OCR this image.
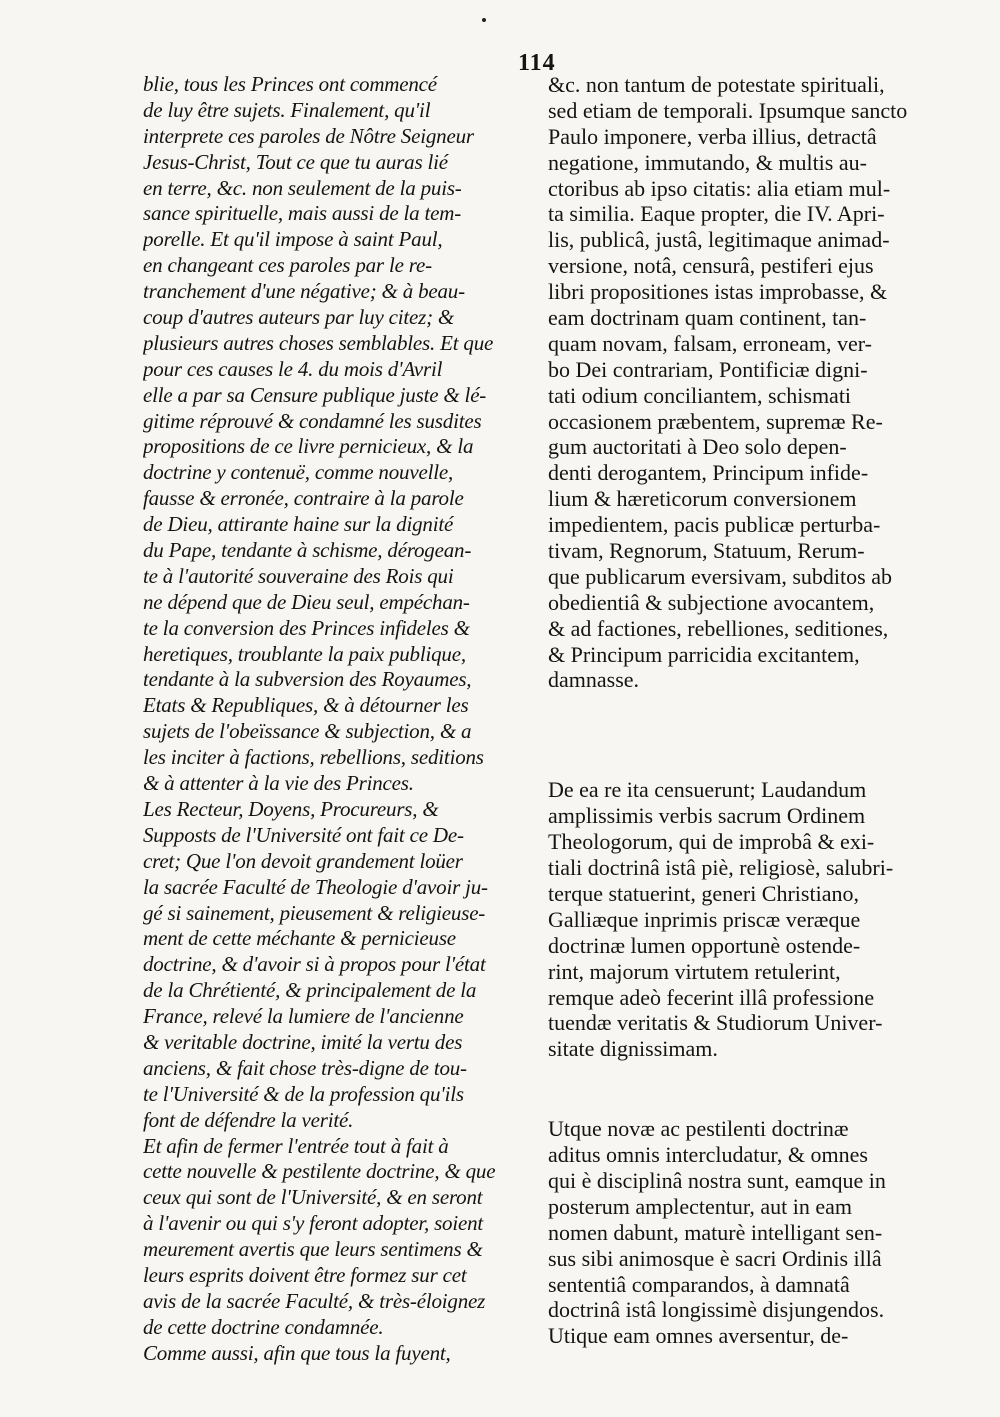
114
blie, tous les Princes ont commencé
de luy être sujets. Finalement, qu'il
interprete ces paroles de Nôtre Seigneur
Jesus-Christ, Tout ce que tu auras lié
en terre, &c. non seulement de la puis-
sance spirituelle, mais aussi de la tem-
porelle. Et qu'il impose à saint Paul,
en changeant ces paroles par le re-
tranchement d'une négative; & à beau-
coup d'autres auteurs par luy citez; &
plusieurs autres choses semblables. Et que
pour ces causes le 4. du mois d'Avril
elle a par sa Censure publique juste & lé-
gitime réprouvé & condamné les susdites
propositions de ce livre pernicieux, & la
doctrine y contenuë, comme nouvelle,
fausse & erronée, contraire à la parole
de Dieu, attirante haine sur la dignité
du Pape, tendante à schisme, dérogean-
te à l'autorité souveraine des Rois qui
ne dépend que de Dieu seul, empéchan-
te la conversion des Princes infideles &
heretiques, troublante la paix publique,
tendante à la subversion des Royaumes,
Etats & Republiques, & à détourner les
sujets de l'obeïssance & subjection, & a
les inciter à factions, rebellions, seditions
& à attenter à la vie des Princes.
Les Recteur, Doyens, Procureurs, &
Supposts de l'Université ont fait ce De-
cret; Que l'on devoit grandement loüer
la sacrée Faculté de Theologie d'avoir ju-
gé si sainement, pieusement & religieuse-
ment de cette méchante & pernicieuse
doctrine, & d'avoir si à propos pour l'état
de la Chrétienté, & principalement de la
France, relevé la lumiere de l'ancienne
& veritable doctrine, imité la vertu des
anciens, & fait chose très-digne de tou-
te l'Université & de la profession qu'ils
font de défendre la verité.
Et afin de fermer l'entrée tout à fait à
cette nouvelle & pestilente doctrine, & que
ceux qui sont de l'Université, & en seront
à l'avenir ou qui s'y feront adopter, soient
meurement avertis que leurs sentimens &
leurs esprits doivent être formez sur cet
avis de la sacrée Faculté, & très-éloignez
de cette doctrine condamnée.
Comme aussi, afin que tous la fuyent,
&c. non tantum de potestate spirituali,
sed etiam de temporali. Ipsumque sancto
Paulo imponere, verba illius, detractâ
negatione, immutando, & multis au-
ctoribus ab ipso citatis: alia etiam mul-
ta similia. Eaque propter, die IV. Apri-
lis, publicâ, justâ, legitimaque animad-
versione, notâ, censurâ, pestiferi ejus
libri propositiones istas improbasse, &
eam doctrinam quam continent, tan-
quam novam, falsam, erroneam, ver-
bo Dei contrariam, Pontificiæ digni-
tati odium conciliantem, schismati
occasionem præbentem, supremæ Re-
gum auctoritati à Deo solo depen-
denti derogantem, Principum infide-
lium & hæreticorum conversionem
impedientem, pacis publicæ perturba-
tivam, Regnorum, Statuum, Rerum-
que publicarum eversivam, subditos ab
obedientiâ & subjectione avocantem,
& ad factiones, rebelliones, seditiones,
& Principum parricidia excitantem,
damnasse.
De ea re ita censuerunt; Laudandum
amplissimis verbis sacrum Ordinem
Theologorum, qui de improbâ & exi-
tiali doctrinâ istâ piè, religiosè, salubri-
terque statuerint, generi Christiano,
Galliæque inprimis priscæ veræque
doctrinæ lumen opportunè ostende-
rint, majorum virtutem retulerint,
remque adeò fecerint illâ professione
tuendæ veritatis & Studiorum Univer-
sitate dignissimam.
Utque novæ ac pestilenti doctrinæ
aditus omnis intercludatur, & omnes
qui è disciplinâ nostra sunt, eamque in
posterum amplectentur, aut in eam
nomen dabunt, maturè intelligant sen-
sus sibi animosque è sacri Ordinis illâ
sententiâ comparandos, à damnatâ
doctrinâ istâ longissimè disjungendos.
Utique eam omnes aversentur, de-
